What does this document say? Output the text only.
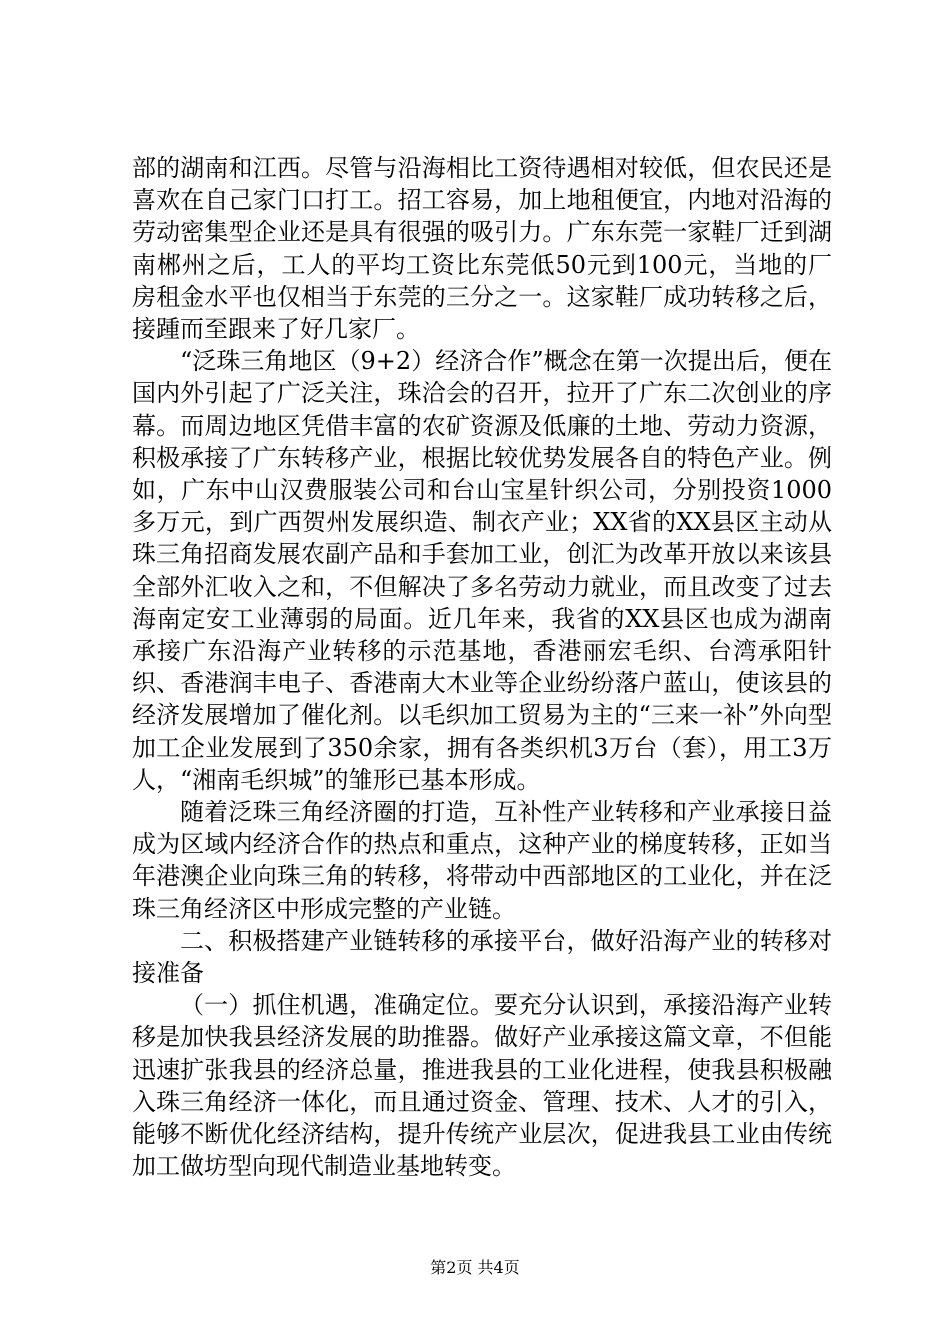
部的湖南和江西。尽管与沿海相比工资待遇相对较低，但农民还是喜欢在自己家门口打工。招工容易，加上地租便宜，内地对沿海的劳动密集型企业还是具有很强的吸引力。广东东莞一家鞋厂迁到湖南郴州之后，工人的平均工资比东莞低50元到100元，当地的厂房租金水平也仅相当于东莞的三分之一。这家鞋厂成功转移之后，接踵而至跟来了好几家厂。

“泛珠三角地区（9+2）经济合作”概念在第一次提出后，便在国内外引起了广泛关注，珠洽会的召开，拉开了广东二次创业的序幕。而周边地区凭借丰富的农矿资源及低廉的土地、劳动力资源，积极承接了广东转移产业，根据比较优势发展各自的特色产业。例如，广东中山汉费服装公司和台山宝星针织公司，分别投资1000多万元，到广西贺州发展织造、制衣产业；XX省的XX县区主动从珠三角招商发展农副产品和手套加工业，创汇为改革开放以来该县全部外汇收入之和，不但解决了多名劳动力就业，而且改变了过去海南定安工业薄弱的局面。近几年来，我省的XX县区也成为湖南承接广东沿海产业转移的示范基地，香港丽宏毛织、台湾承阳针织、香港润丰电子、香港南大木业等企业纷纷落户蓝山，使该县的经济发展增加了催化剂。以毛织加工贸易为主的“三来一补”外向型加工企业发展到了350余家，拥有各类织机3万台（套），用工3万人，“湘南毛织城”的雏形已基本形成。

随着泛珠三角经济圈的打造，互补性产业转移和产业承接日益成为区域内经济合作的热点和重点，这种产业的梯度转移，正如当年港澳企业向珠三角的转移，将带动中西部地区的工业化，并在泛珠三角经济区中形成完整的产业链。

二、积极搭建产业链转移的承接平台，做好沿海产业的转移对接准备

（一）抓住机遇，准确定位。要充分认识到，承接沿海产业转移是加快我县经济发展的助推器。做好产业承接这篇文章，不但能迅速扩张我县的经济总量，推进我县的工业化进程，使我县积极融入珠三角经济一体化，而且通过资金、管理、技术、人才的引入，能够不断优化经济结构，提升传统产业层次，促进我县工业由传统加工做坊型向现代制造业基地转变。

第2页 共4页
